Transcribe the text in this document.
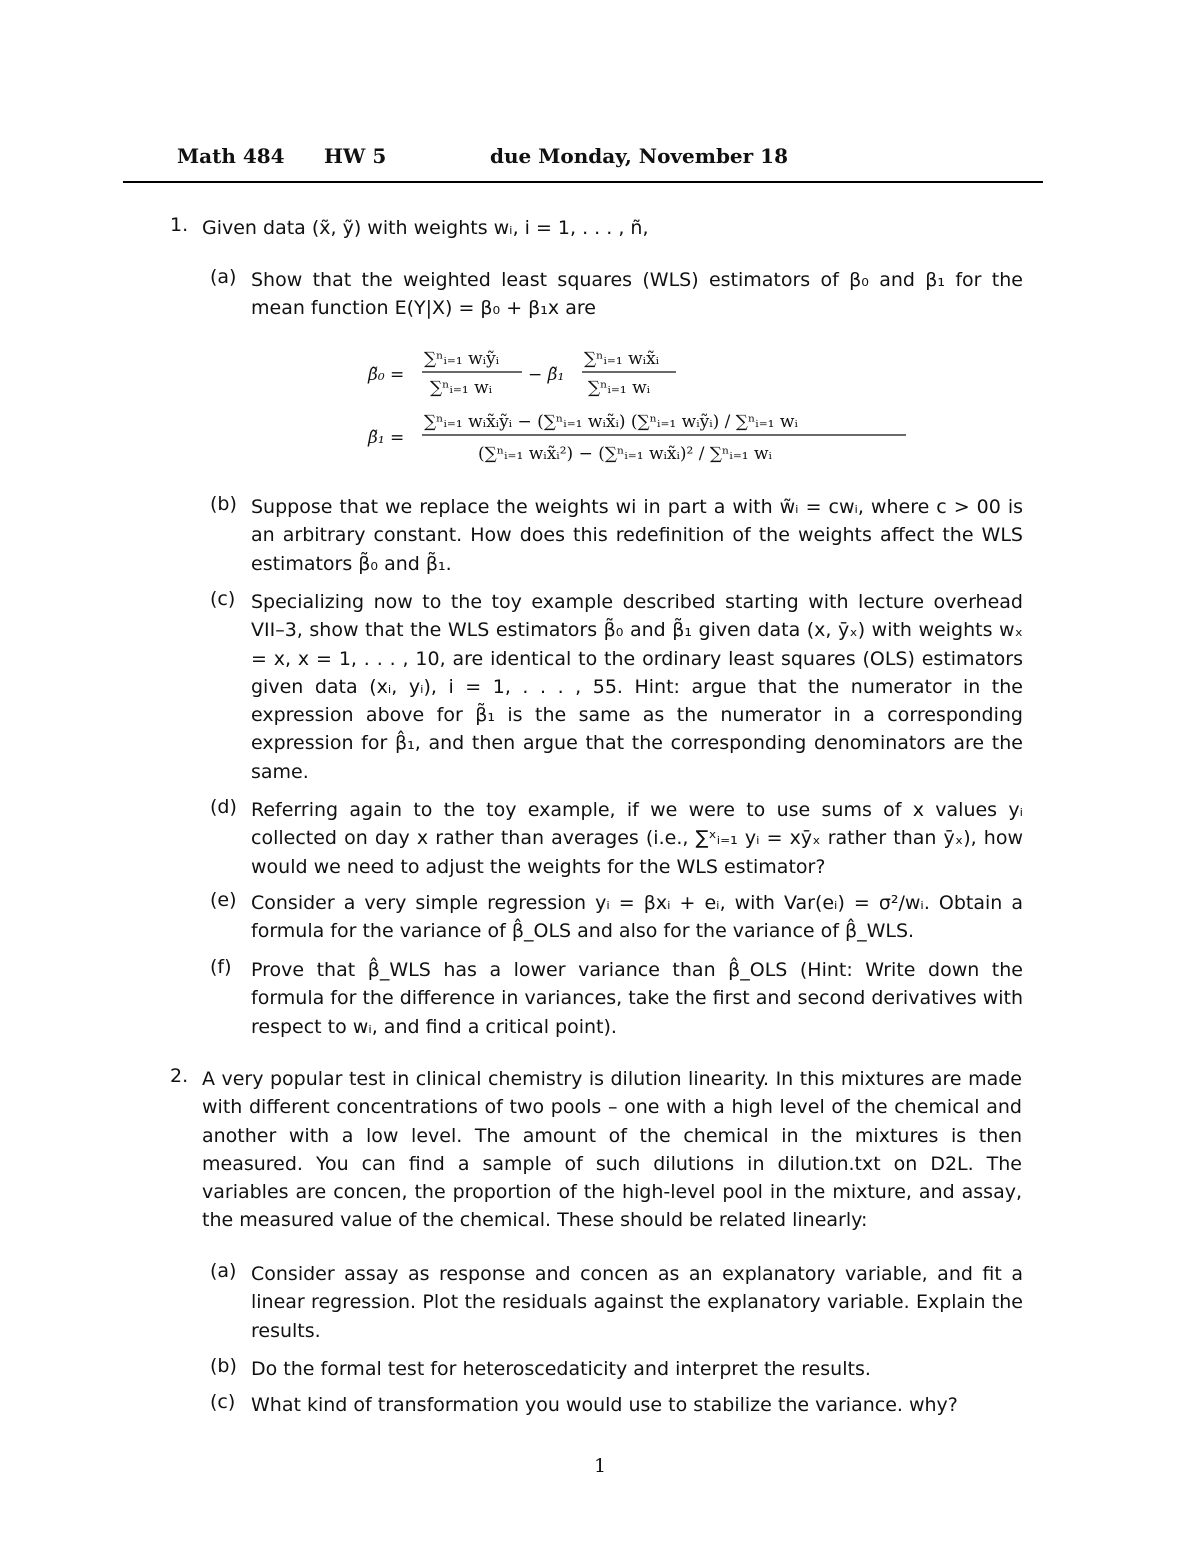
Math 484 HW 5	due Monday, November 18
1. Given data (x̃, ỹ) with weights wᵢ, i = 1, . . . , ñ,
(a) Show that the weighted least squares (WLS) estimators of β₀ and β₁ for the mean function E(Y|X) = β₀ + β₁x are
β̃₀ =
∑ⁿᵢ₌₁ wᵢỹᵢ
∑ⁿᵢ₌₁ wᵢ
− β̃₁
∑ⁿᵢ₌₁ wᵢx̃ᵢ
∑ⁿᵢ₌₁ wᵢ
β̃₁ =
∑ⁿᵢ₌₁ wᵢx̃ᵢỹᵢ − (∑ⁿᵢ₌₁ wᵢx̃ᵢ) (∑ⁿᵢ₌₁ wᵢỹᵢ) / ∑ⁿᵢ₌₁ wᵢ
(∑ⁿᵢ₌₁ wᵢx̃ᵢ²) − (∑ⁿᵢ₌₁ wᵢx̃ᵢ)² / ∑ⁿᵢ₌₁ wᵢ
(b) Suppose that we replace the weights wi in part a with w̃ᵢ = cwᵢ, where c > 00 is an arbitrary constant. How does this redefinition of the weights affect the WLS estimators β̃₀ and β̃₁.
(c) Specializing now to the toy example described starting with lecture overhead VII–3, show that the WLS estimators β̃₀ and β̃₁ given data (x, ȳₓ) with weights wₓ = x, x = 1, . . . , 10, are identical to the ordinary least squares (OLS) estimators given data (xᵢ, yᵢ), i = 1, . . . , 55. Hint: argue that the numerator in the expression above for β̃₁ is the same as the numerator in a corresponding expression for β̂₁, and then argue that the corresponding denominators are the same.
(d) Referring again to the toy example, if we were to use sums of x values yᵢ collected on day x rather than averages (i.e., ∑ˣᵢ₌₁ yᵢ = xȳₓ rather than ȳₓ), how would we need to adjust the weights for the WLS estimator?
(e) Consider a very simple regression yᵢ = βxᵢ + eᵢ, with Var(eᵢ) = σ²/wᵢ. Obtain a formula for the variance of β̂_OLS and also for the variance of β̂_WLS.
(f) Prove that β̂_WLS has a lower variance than β̂_OLS (Hint: Write down the formula for the difference in variances, take the first and second derivatives with respect to wᵢ, and find a critical point).
2. A very popular test in clinical chemistry is dilution linearity. In this mixtures are made with different concentrations of two pools – one with a high level of the chemical and another with a low level. The amount of the chemical in the mixtures is then measured. You can find a sample of such dilutions in dilution.txt on D2L. The variables are concen, the proportion of the high-level pool in the mixture, and assay, the measured value of the chemical. These should be related linearly:
(a) Consider assay as response and concen as an explanatory variable, and fit a linear regression. Plot the residuals against the explanatory variable. Explain the results.
(b) Do the formal test for heteroscedaticity and interpret the results.
(c) What kind of transformation you would use to stabilize the variance. why?
1
